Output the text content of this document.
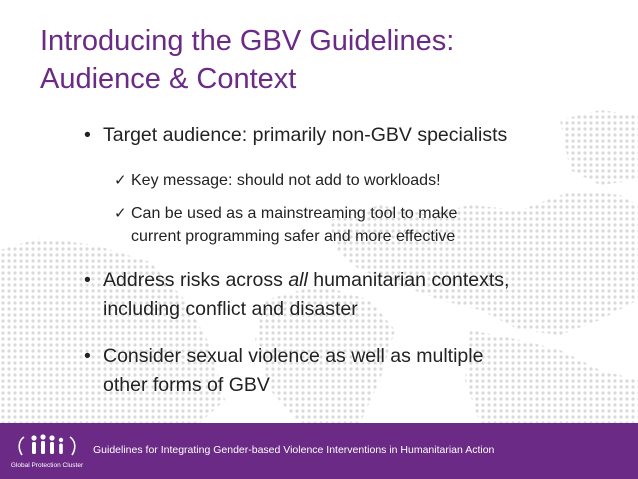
Introducing the GBV Guidelines:
Audience & Context
• Target audience: primarily non-GBV specialists
✓ Key message: should not add to workloads!
✓ Can be used as a mainstreaming tool to make
current programming safer and more effective
• Address risks across all humanitarian contexts,
including conflict and disaster
• Consider sexual violence as well as multiple
other forms of GBV
Global Protection Cluster
Guidelines for Integrating Gender-based Violence Interventions in Humanitarian Action
